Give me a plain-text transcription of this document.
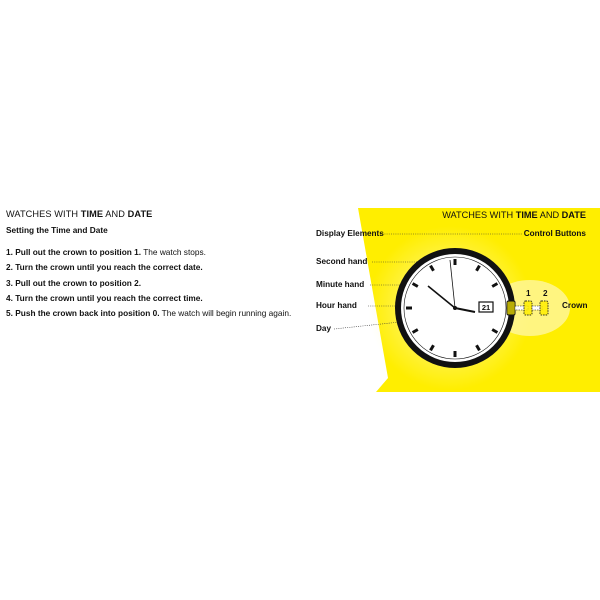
WATCHES WITH TIME AND DATE
Setting the Time and Date
1. Pull out the crown to position 1. The watch stops.
2. Turn the crown until you reach the correct date.
3. Pull out the crown to position 2.
4. Turn the crown until you reach the correct time.
5. Push the crown back into position 0. The watch will begin running again.
21
WATCHES WITH TIME AND DATE
Display Elements	Control Buttons
Second hand
Minute hand
Hour hand
Day
0 1 2
Crown
